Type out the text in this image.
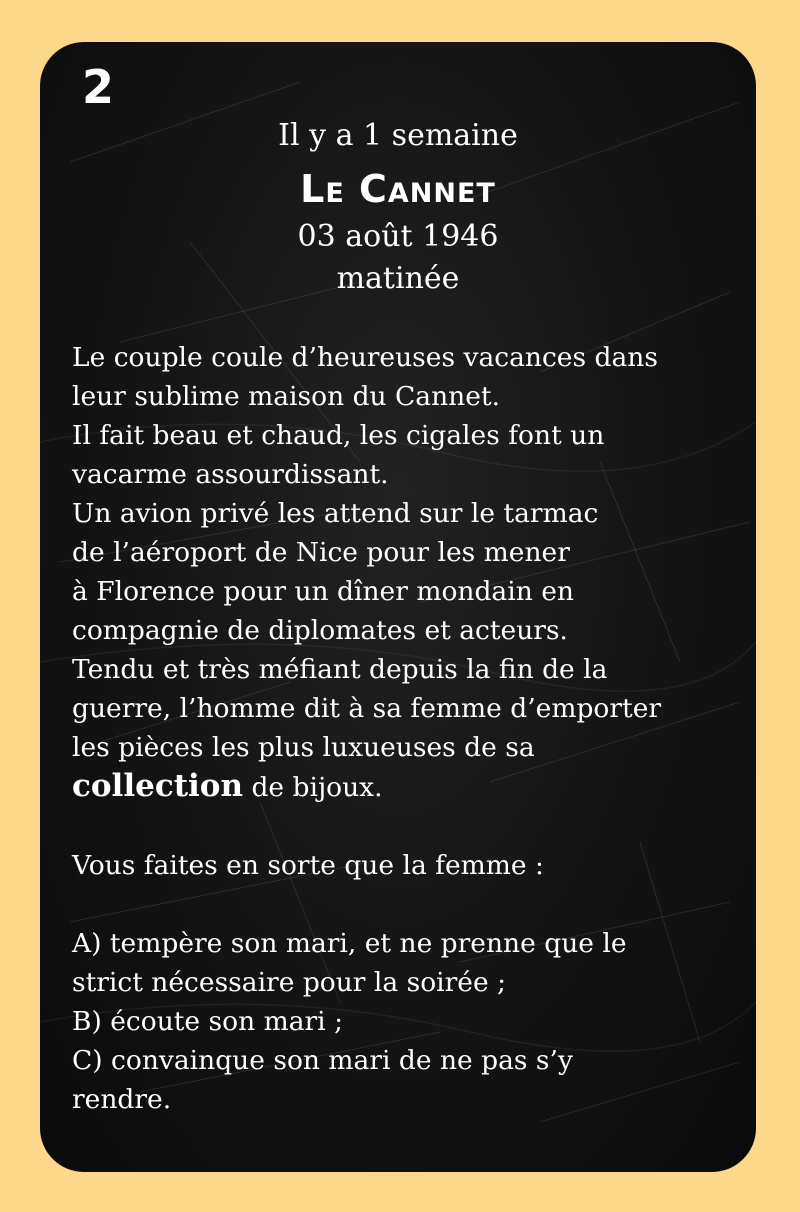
2

Il y a 1 semaine

Le Cannet

03 août 1946

matinée

Le couple coule d’heureuses vacances dans

leur sublime maison du Cannet.

Il fait beau et chaud, les cigales font un

vacarme assourdissant.

Un avion privé les attend sur le tarmac

de l’aéroport de Nice pour les mener

à Florence pour un dîner mondain en

compagnie de diplomates et acteurs.

Tendu et très méfiant depuis la fin de la

guerre, l’homme dit à sa femme d’emporter

les pièces les plus luxueuses de sa

collection de bijoux.

Vous faites en sorte que la femme :

A) tempère son mari, et ne prenne que le

strict nécessaire pour la soirée ;

B) écoute son mari ;

C) convainque son mari de ne pas s’y

rendre.
